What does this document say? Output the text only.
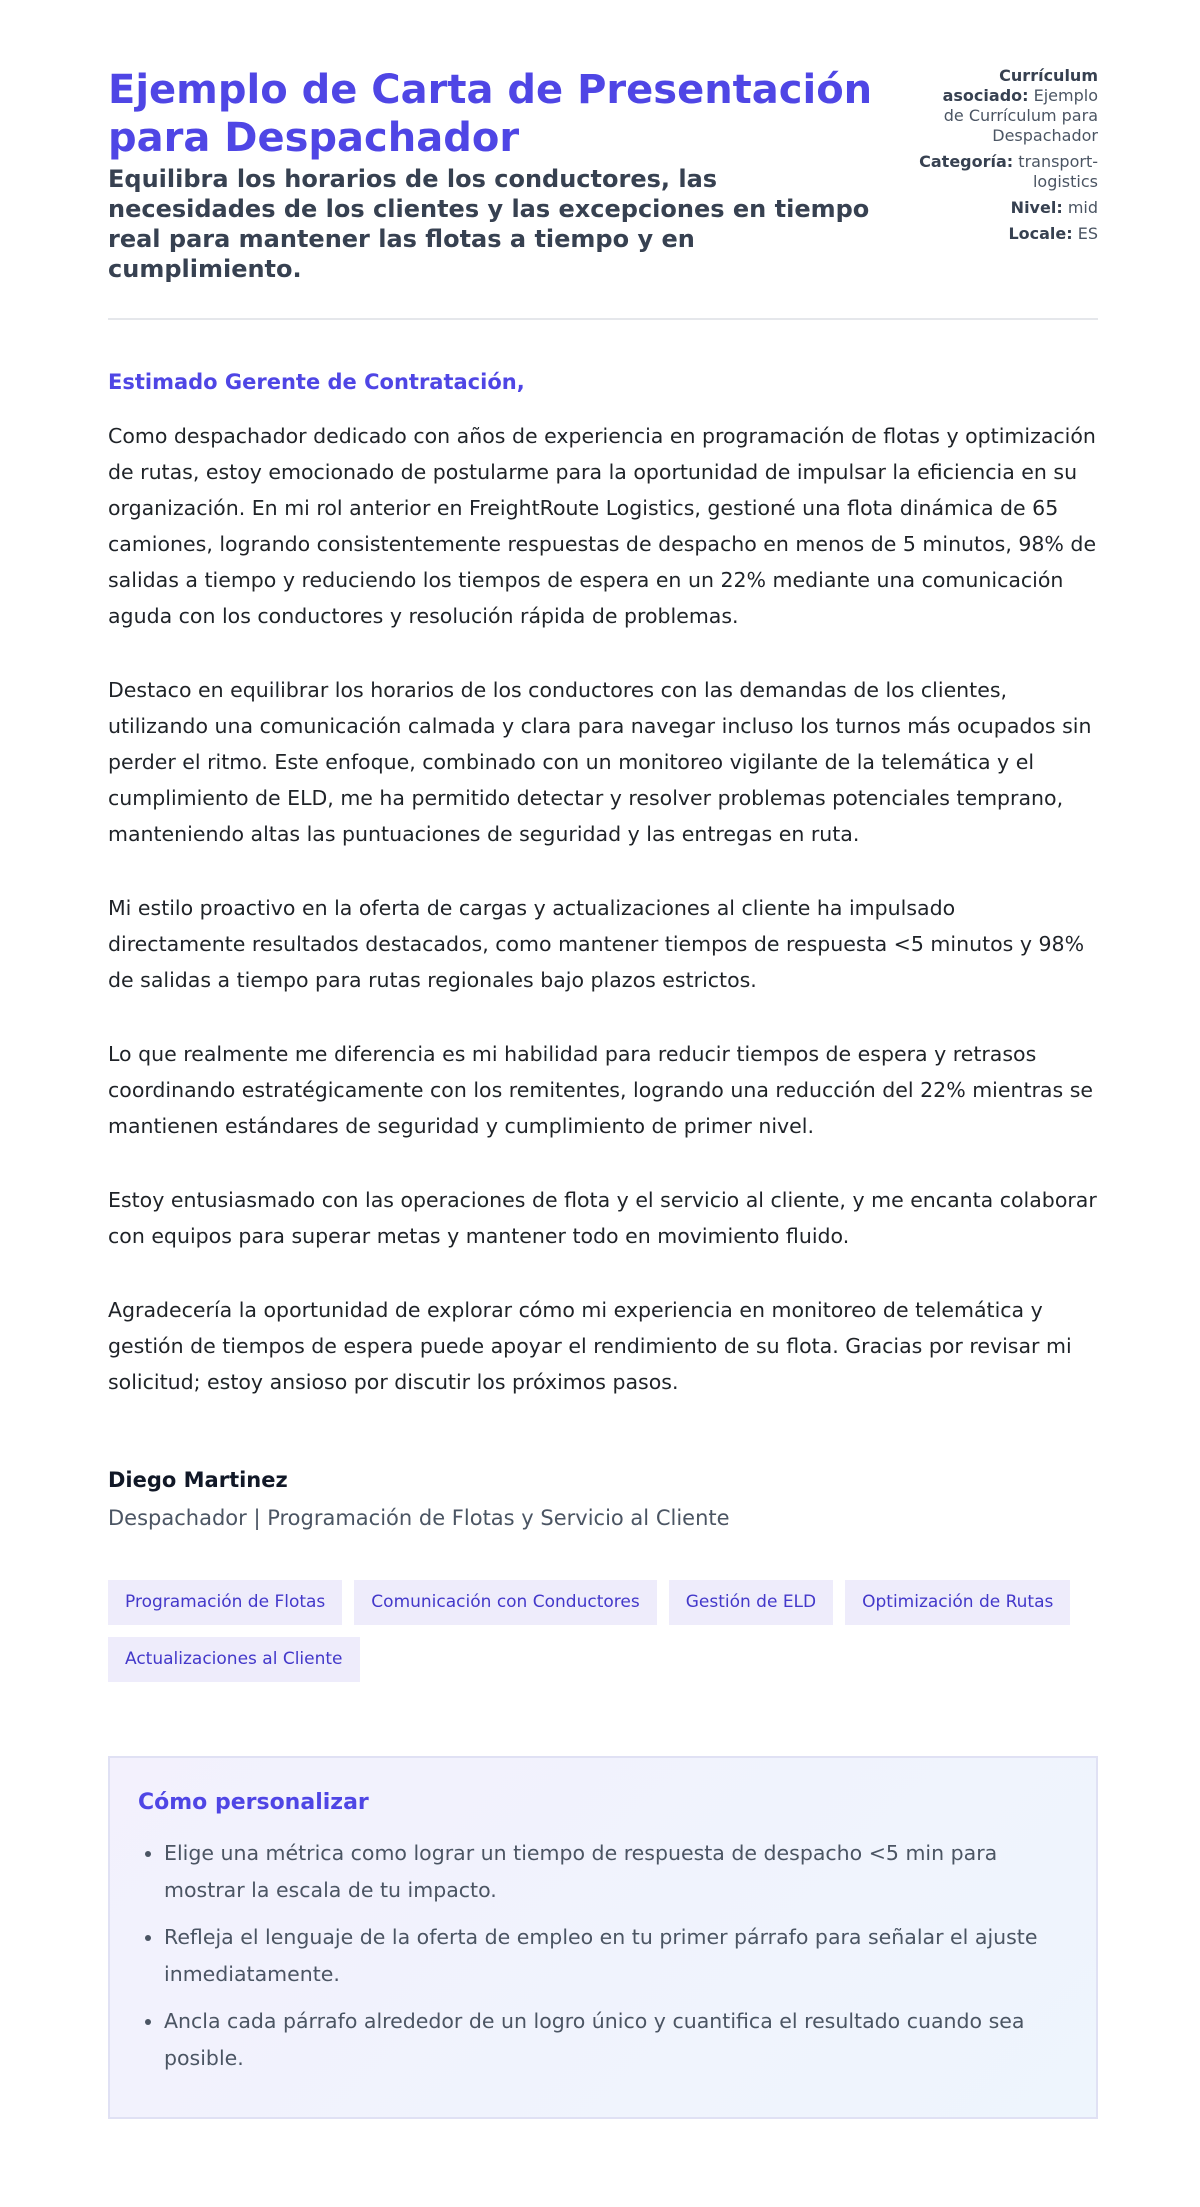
Ejemplo de Carta de Presentación para Despachador
Equilibra los horarios de los conductores, las necesidades de los clientes y las excepciones en tiempo real para mantener las flotas a tiempo y en cumplimiento.
Currículum asociado: Ejemplo de Currículum para Despachador
Categoría: transport-logistics
Nivel: mid
Locale: ES
Estimado Gerente de Contratación,

Como despachador dedicado con años de experiencia en programación de flotas y optimización de rutas, estoy emocionado de postularme para la oportunidad de impulsar la eficiencia en su organización. En mi rol anterior en FreightRoute Logistics, gestioné una flota dinámica de 65 camiones, logrando consistentemente respuestas de despacho en menos de 5 minutos, 98% de salidas a tiempo y reduciendo los tiempos de espera en un 22% mediante una comunicación aguda con los conductores y resolución rápida de problemas.

Destaco en equilibrar los horarios de los conductores con las demandas de los clientes, utilizando una comunicación calmada y clara para navegar incluso los turnos más ocupados sin perder el ritmo. Este enfoque, combinado con un monitoreo vigilante de la telemática y el cumplimiento de ELD, me ha permitido detectar y resolver problemas potenciales temprano, manteniendo altas las puntuaciones de seguridad y las entregas en ruta.

Mi estilo proactivo en la oferta de cargas y actualizaciones al cliente ha impulsado directamente resultados destacados, como mantener tiempos de respuesta <5 minutos y 98% de salidas a tiempo para rutas regionales bajo plazos estrictos.

Lo que realmente me diferencia es mi habilidad para reducir tiempos de espera y retrasos coordinando estratégicamente con los remitentes, logrando una reducción del 22% mientras se mantienen estándares de seguridad y cumplimiento de primer nivel.

Estoy entusiasmado con las operaciones de flota y el servicio al cliente, y me encanta colaborar con equipos para superar metas y mantener todo en movimiento fluido.

Agradecería la oportunidad de explorar cómo mi experiencia en monitoreo de telemática y gestión de tiempos de espera puede apoyar el rendimiento de su flota. Gracias por revisar mi solicitud; estoy ansioso por discutir los próximos pasos.

Diego Martinez
Despachador | Programación de Flotas y Servicio al Cliente
Programación de Flotas	Comunicación con Conductores	Gestión de ELD	Optimización de Rutas
Actualizaciones al Cliente
Cómo personalizar
• Elige una métrica como lograr un tiempo de respuesta de despacho <5 min para mostrar la escala de tu impacto.
• Refleja el lenguaje de la oferta de empleo en tu primer párrafo para señalar el ajuste inmediatamente.
• Ancla cada párrafo alrededor de un logro único y cuantifica el resultado cuando sea posible.
